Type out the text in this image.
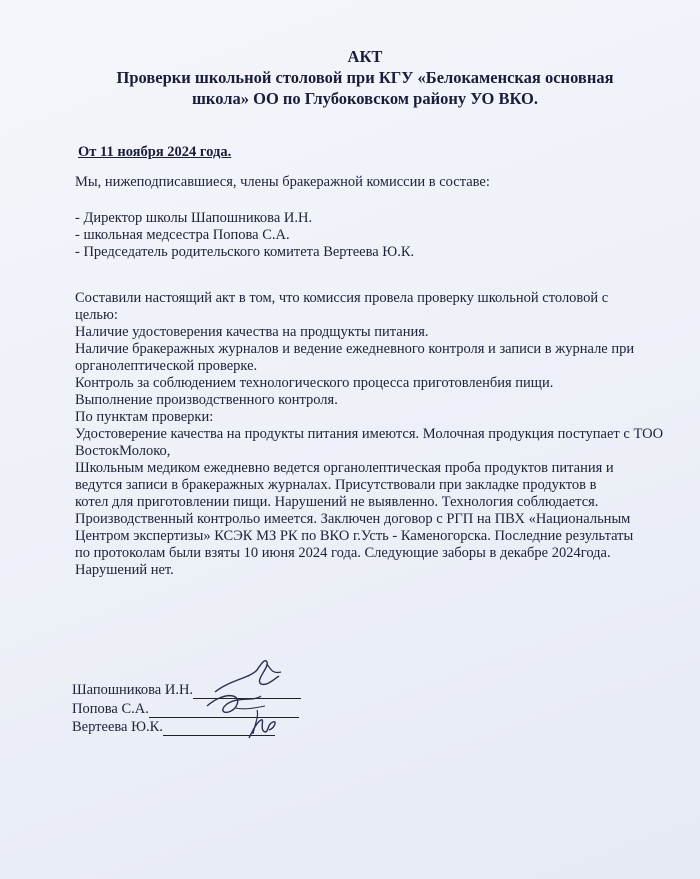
АКТ
Проверки школьной столовой при КГУ «Белокаменская основная
школа» ОО по Глубоковском району УО ВКО.
От 11 ноября 2024 года.
Мы, нижеподписавшиеся, члены бракеражной комиссии в составе:
- Директор школы Шапошникова И.Н.
- школьная медсестра Попова С.А.
- Председатель родительского комитета Вертеева Ю.К.
Составили настоящий акт в том, что комиссия провела проверку школьной столовой с
целью:
Наличие удостоверения качества на продщукты питания.
Наличие бракеражных журналов и ведение ежедневного контроля и записи в журнале при
органолептической проверке.
Контроль за соблюдением технологического процесса приготовленбия пищи.
Выполнение производственного контроля.
По пунктам проверки:
Удостоверение качества на продукты питания имеются. Молочная продукция поступает с ТОО
ВостокМолоко,
Школьным медиком ежедневно ведется органолептическая проба продуктов питания и
ведутся записи в бракеражных журналах. Присутствовали при закладке продуктов в
котел для приготовлении пищи. Нарушений не выявленно. Технология соблюдается.
Производственный контрольо имеется. Заключен договор с РГП на ПВХ «Национальным
Центром экспертизы» КСЭК МЗ РК по ВКО г.Усть - Каменогорска. Последние результаты
по протоколам были взяты 10 июня 2024 года. Следующие заборы в декабре 2024года.
Нарушений нет.
Шапошникова И.Н.
Попова С.А.
Вертеева Ю.К.
